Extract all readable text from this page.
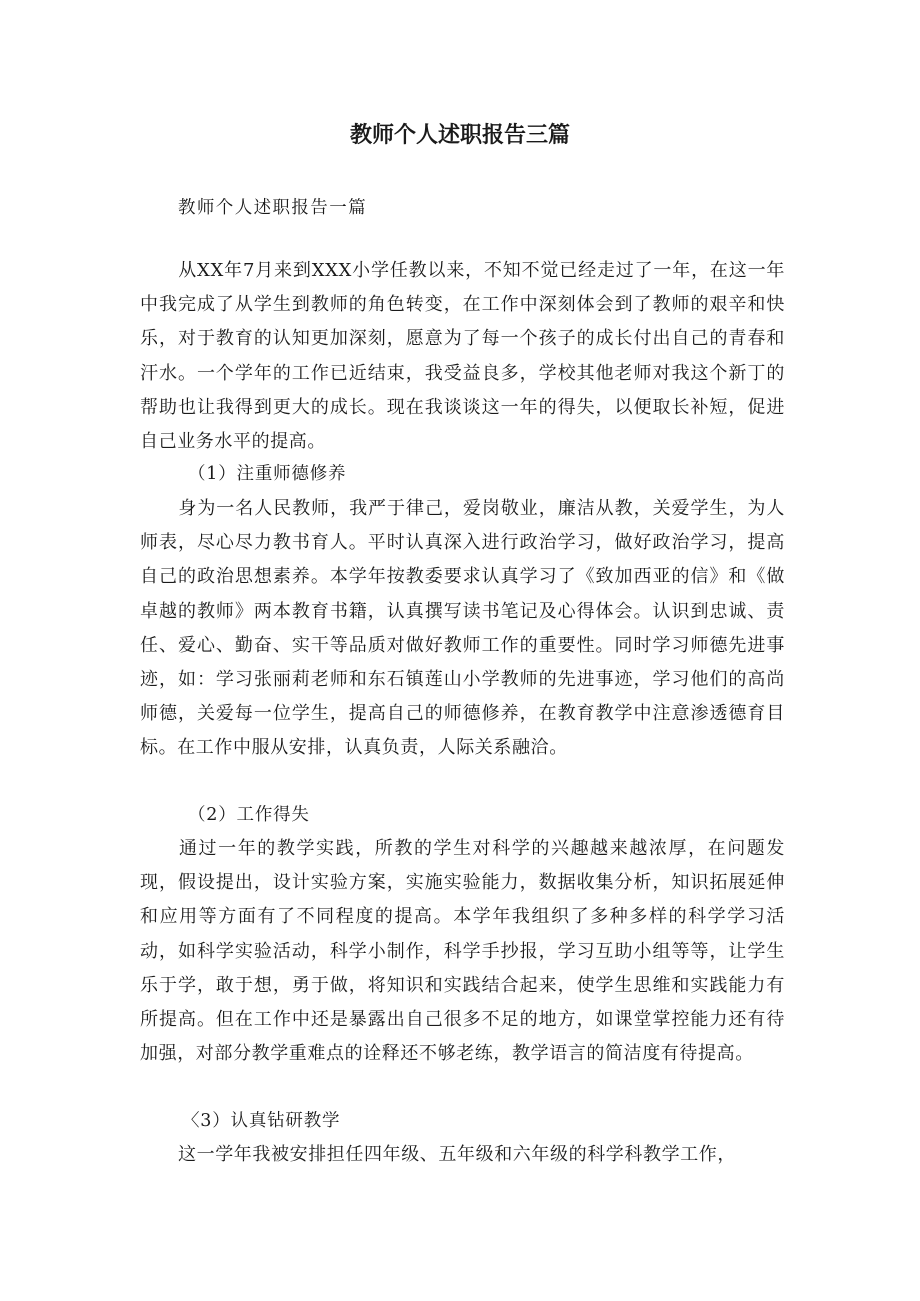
教师个人述职报告三篇
教师个人述职报告一篇

从XX年7月来到XXX小学任教以来，不知不觉已经走过了一年，在这一年中我完成了从学生到教师的角色转变，在工作中深刻体会到了教师的艰辛和快乐，对于教育的认知更加深刻，愿意为了每一个孩子的成长付出自己的青春和汗水。一个学年的工作已近结束，我受益良多，学校其他老师对我这个新丁的帮助也让我得到更大的成长。现在我谈谈这一年的得失，以便取长补短，促进自己业务水平的提高。

（1）注重师德修养

身为一名人民教师，我严于律己，爱岗敬业，廉洁从教，关爱学生，为人师表，尽心尽力教书育人。平时认真深入进行政治学习，做好政治学习，提高自己的政治思想素养。本学年按教委要求认真学习了《致加西亚的信》和《做卓越的教师》两本教育书籍，认真撰写读书笔记及心得体会。认识到忠诚、责任、爱心、勤奋、实干等品质对做好教师工作的重要性。同时学习师德先进事迹，如：学习张丽莉老师和东石镇莲山小学教师的先进事迹，学习他们的高尚师德，关爱每一位学生，提高自己的师德修养，在教育教学中注意渗透德育目标。在工作中服从安排，认真负责，人际关系融洽。

（2）工作得失

通过一年的教学实践，所教的学生对科学的兴趣越来越浓厚，在问题发现，假设提出，设计实验方案，实施实验能力，数据收集分析，知识拓展延伸和应用等方面有了不同程度的提高。本学年我组织了多种多样的科学学习活动，如科学实验活动，科学小制作，科学手抄报，学习互助小组等等，让学生乐于学，敢于想，勇于做，将知识和实践结合起来，使学生思维和实践能力有所提高。但在工作中还是暴露出自己很多不足的地方，如课堂掌控能力还有待加强，对部分教学重难点的诠释还不够老练，教学语言的简洁度有待提高。

〈3）认真钻研教学

这一学年我被安排担任四年级、五年级和六年级的科学科教学工作，
